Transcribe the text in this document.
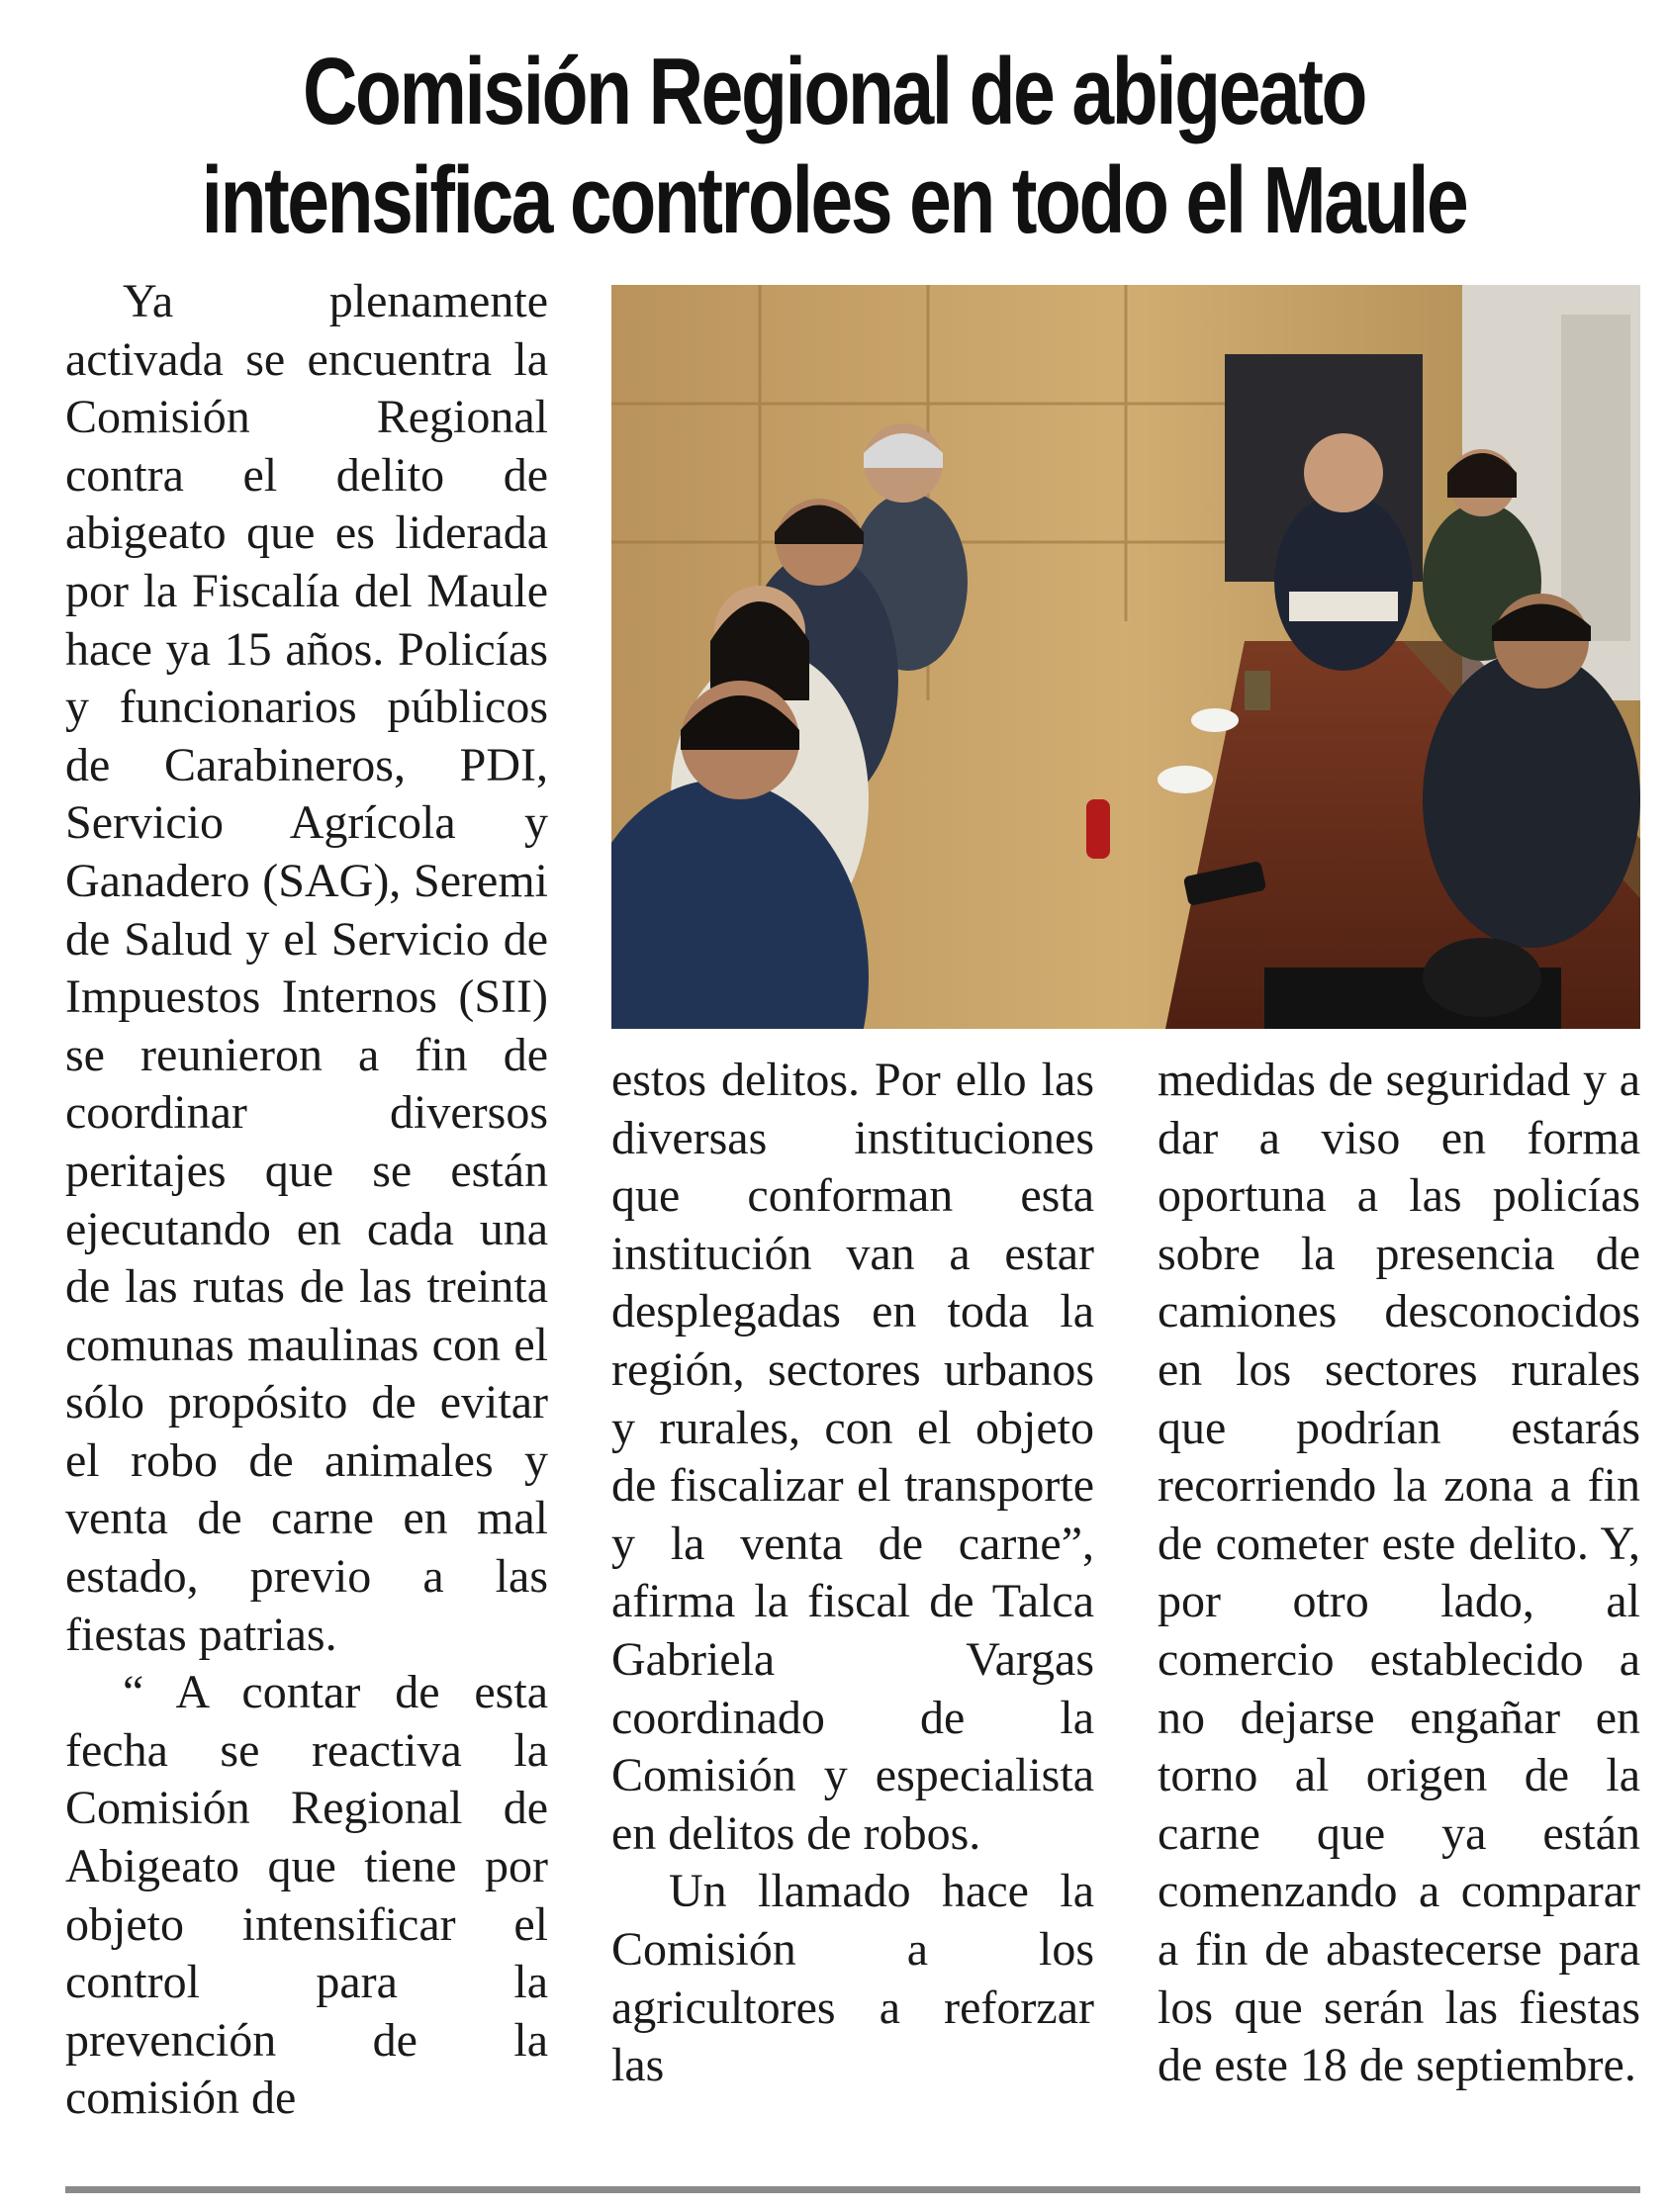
Comisión Regional de abigeato
intensifica controles en todo el Maule

Ya plenamente activada se encuentra la Comisión Regional contra el delito de abigeato que es liderada por la Fiscalía del Maule hace ya 15 años. Policías y funcionarios públicos de Carabineros, PDI, Servicio Agrícola y Ganadero (SAG), Seremi de Salud y el Servicio de Impuestos Internos (SII) se reunieron a fin de coordinar diversos peritajes que se están ejecutando en cada una de las rutas de las treinta comunas maulinas con el sólo propósito de evitar el robo de animales y venta de carne en mal estado, previo a las fiestas patrias.

“ A contar de esta fecha se reactiva la Comisión Regional de Abigeato que tiene por objeto intensificar el control para la prevención de la comisión de

estos delitos. Por ello las diversas instituciones que conforman esta institución van a estar desplegadas en toda la región, sectores urbanos y rurales, con el objeto de fiscalizar el transporte y la venta de carne”, afirma la fiscal de Talca Gabriela Vargas coordinado de la Comisión y especialista en delitos de robos.

Un llamado hace la Comisión a los agricultores a reforzar las

medidas de seguridad y a dar a viso en forma oportuna a las policías sobre la presencia de camiones desconocidos en los sectores rurales que podrían estarás recorriendo la zona a fin de cometer este delito. Y, por otro lado, al comercio establecido a no dejarse engañar en torno al origen de la carne que ya están comenzando a comparar a fin de abastecerse para los que serán las fiestas de este 18 de septiembre.
